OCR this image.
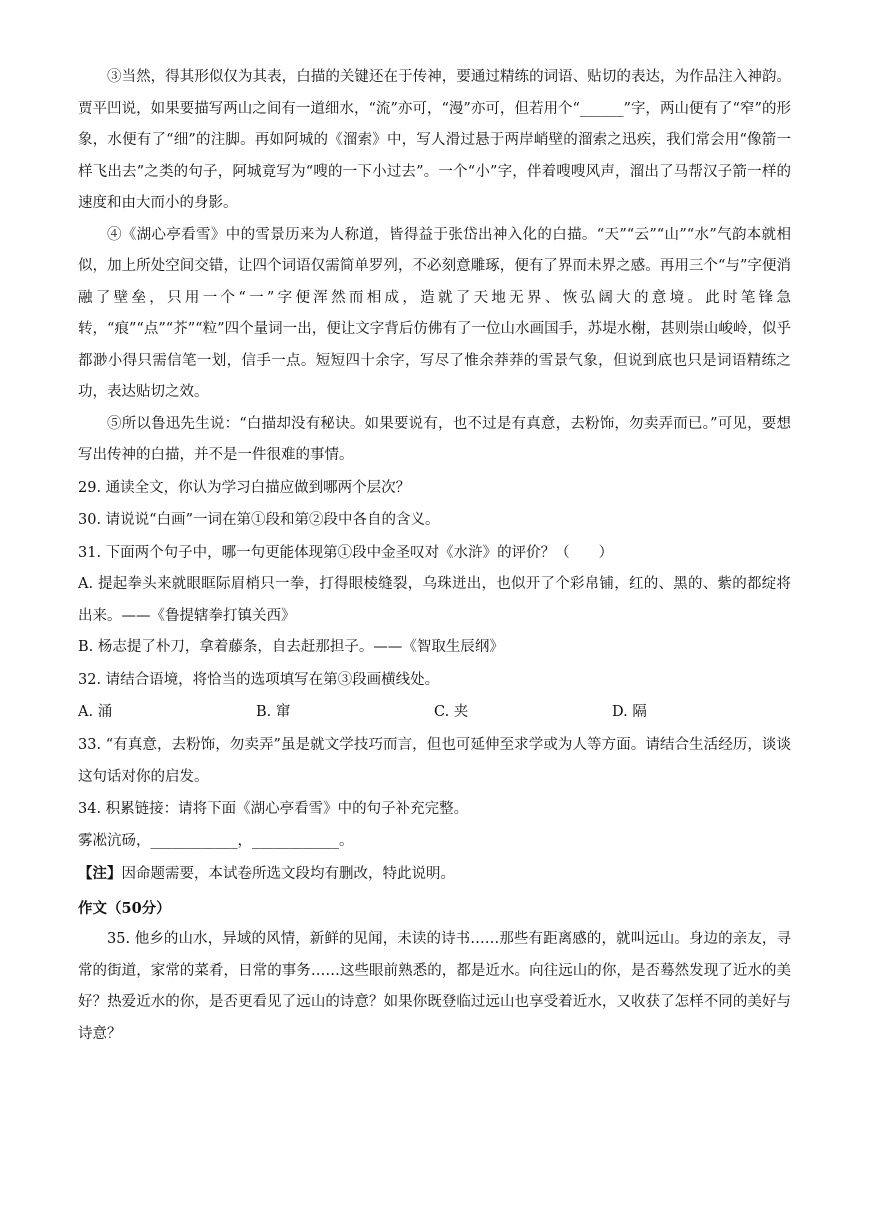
③当然，得其形似仅为其表，白描的关键还在于传神，要通过精练的词语、贴切的表达，为作品注入神韵。贾平凹说，如果要描写两山之间有一道细水，“流”亦可，“漫”亦可，但若用个“______”字，两山便有了“窄”的形象，水便有了“细”的注脚。再如阿城的《溜索》中，写人滑过悬于两岸峭壁的溜索之迅疾，我们常会用“像箭一样飞出去”之类的句子，阿城竟写为“嗖的一下小过去”。一个“小”字，伴着嗖嗖风声，溜出了马帮汉子箭一样的速度和由大而小的身影。

④《湖心亭看雪》中的雪景历来为人称道，皆得益于张岱出神入化的白描。“天”“云”“山”“水”气韵本就相似，加上所处空间交错，让四个词语仅需简单罗列，不必刻意雕琢，便有了界而未界之感。再用三个“与”字便消融了壁垒，只用一个“一”字便浑然而相成，造就了天地无界、恢弘阔大的意境。此时笔锋急转，“痕”“点”“芥”“粒”四个量词一出，便让文字背后仿佛有了一位山水画国手，苏堤水榭，甚则崇山峻岭，似乎都渺小得只需信笔一划，信手一点。短短四十余字，写尽了惟余莽莽的雪景气象，但说到底也只是词语精练之功，表达贴切之效。

⑤所以鲁迅先生说：“白描却没有秘诀。如果要说有，也不过是有真意，去粉饰，勿卖弄而已。”可见，要想写出传神的白描，并不是一件很难的事情。

29. 通读全文，你认为学习白描应做到哪两个层次？

30. 请说说“白画”一词在第①段和第②段中各自的含义。

31. 下面两个句子中，哪一句更能体现第①段中金圣叹对《水浒》的评价？（　　）

A. 提起拳头来就眼眶际眉梢只一拳，打得眼棱缝裂，乌珠迸出，也似开了个彩帛铺，红的、黑的、紫的都绽将出来。——《鲁提辖拳打镇关西》

B. 杨志提了朴刀，拿着藤条，自去赶那担子。——《智取生辰纲》

32. 请结合语境，将恰当的选项填写在第③段画横线处。

A. 涌	B. 窜	C. 夹	D. 隔

33. “有真意，去粉饰，勿卖弄”虽是就文学技巧而言，但也可延伸至求学或为人等方面。请结合生活经历，谈谈这句话对你的启发。

34. 积累链接：请将下面《湖心亭看雪》中的句子补充完整。

雾凇沆砀，____________，____________。

【注】因命题需要，本试卷所选文段均有删改，特此说明。

作文（50分）

35. 他乡的山水，异域的风情，新鲜的见闻，未读的诗书……那些有距离感的，就叫远山。身边的亲友，寻常的街道，家常的菜肴，日常的事务……这些眼前熟悉的，都是近水。向往远山的你，是否蓦然发现了近水的美好？热爱近水的你，是否更看见了远山的诗意？如果你既登临过远山也享受着近水，又收获了怎样不同的美好与诗意？
